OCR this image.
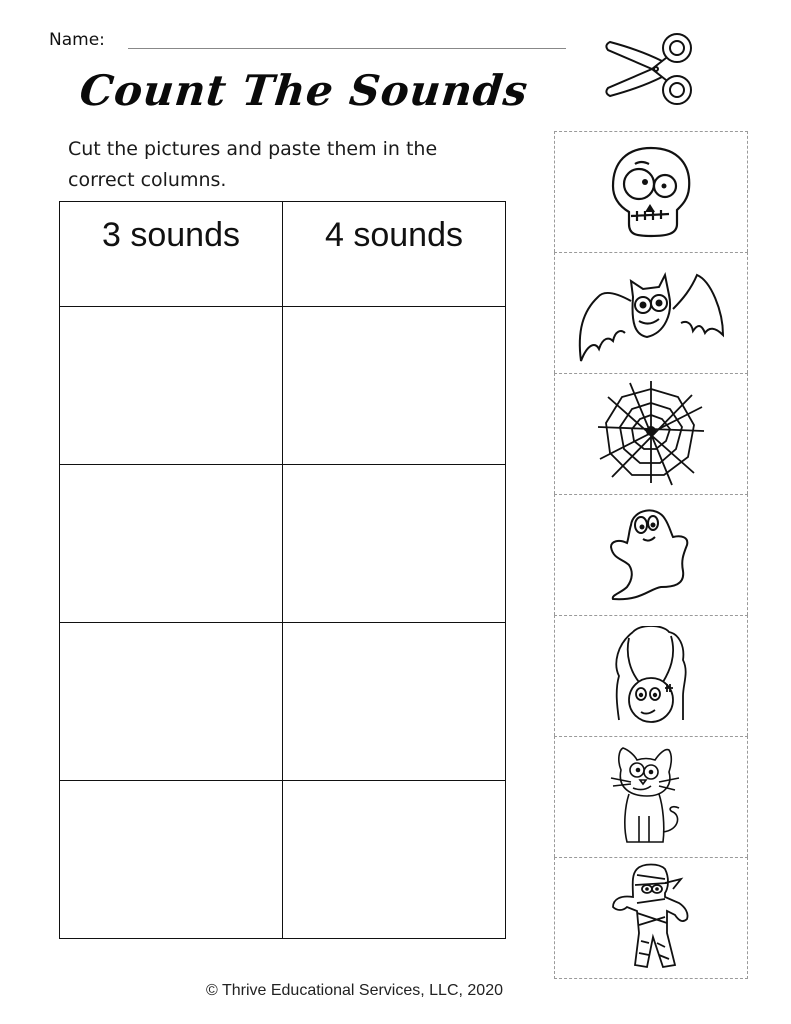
Name:
Count The Sounds
Cut the pictures and paste them in the correct columns.
3 sounds	4 sounds

© Thrive Educational Services, LLC, 2020
